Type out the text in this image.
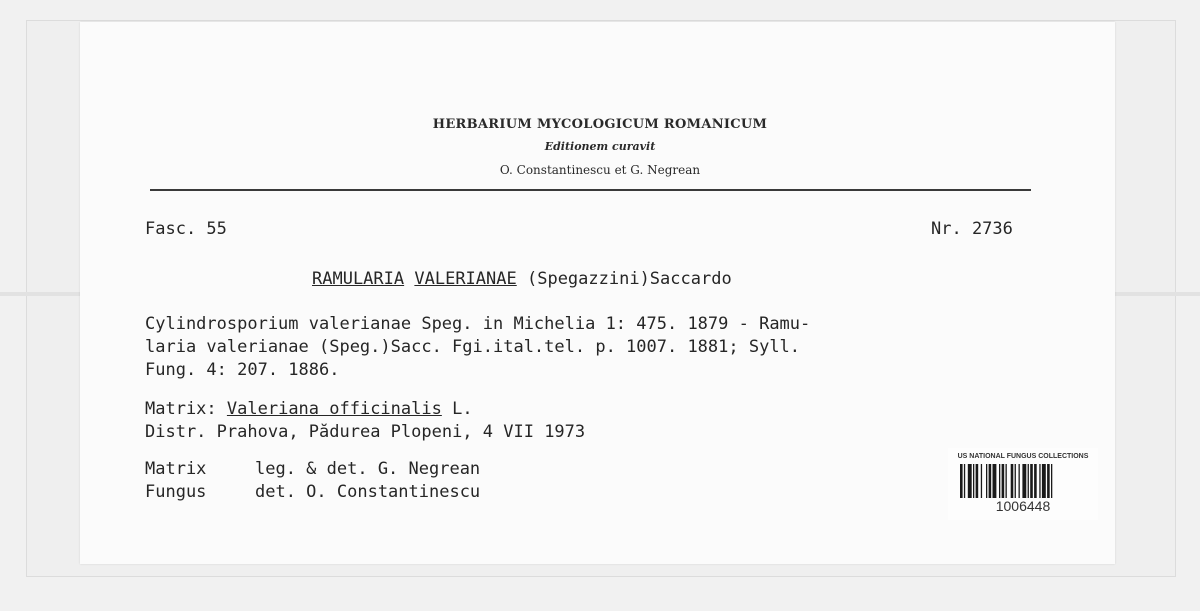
HERBARIUM MYCOLOGICUM ROMANICUM
Editionem curavit
O. Constantinescu et G. Negrean
Fasc. 55	Nr. 2736
RAMULARIA VALERIANAE (Spegazzini)Saccardo
Cylindrosporium valerianae Speg. in Michelia 1: 475. 1879 - Ramu-
laria valerianae (Speg.)Sacc. Fgi.ital.tel. p. 1007. 1881; Syll.
Fung. 4: 207. 1886.
Matrix: Valeriana officinalis L.
Distr. Prahova, Pădurea Plopeni, 4 VII 1973
Matrix	leg. & det. G. Negrean
Fungus	det. O. Constantinescu
US NATIONAL FUNGUS COLLECTIONS
1006448
